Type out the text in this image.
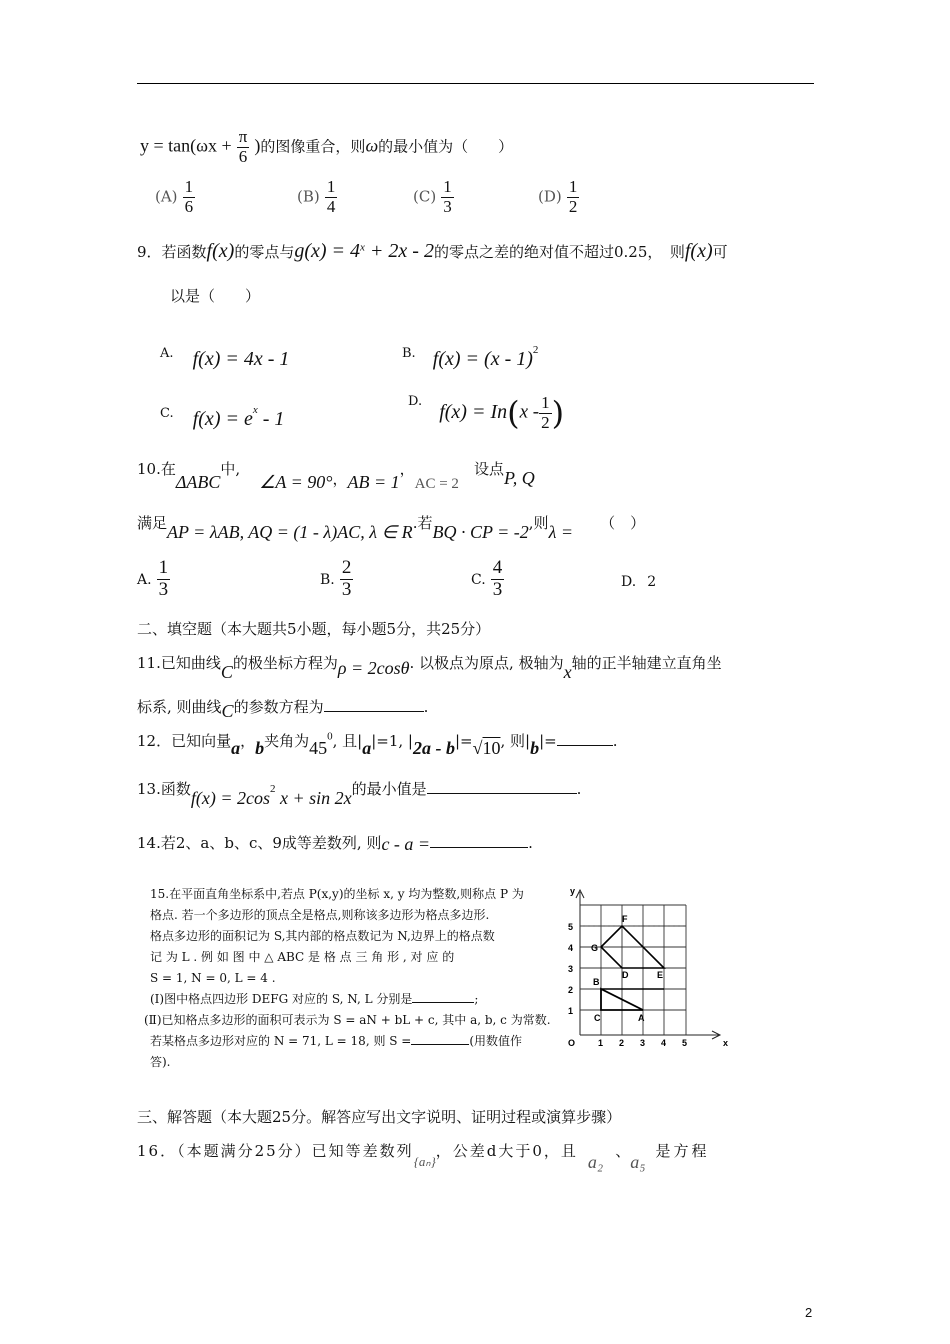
$y = \tan(\omega x + \frac{\pi}{6}$ )的图像重合，则ω的最小值为（　　）
$(A) \frac{1}{6}$	$(B) \frac{1}{4}$	$(C) \frac{1}{3}$	$(D) \frac{1}{2}$
9．若函数f(x)的零点与$g(x) = 4^x + 2x - 2$的零点之差的绝对值不超过0.25，　则f(x)可
以是（　　）
A. f(x) = 4x - 1	B. f(x) = (x - 1)$^2$
C. $f(x) = e^x - 1$
$^{D.}$ $f(x) = In(x - \frac{1}{2}$ )
10.在ΔABC中, ∠A = 90°，AB = 1，AC = 2 设点P, Q
满足AP = λAB, AQ = (1 - λ)AC, λ ∈ R.若BQ · CP = -2,则λ = （　）
A. $\frac{1}{3}$	B. $\frac{2}{3}$	C. $\frac{4}{3}$	D. 2
二、填空题（本大题共5小题，每小题5分，共25分）
11.已知曲线C的极坐标方程为ρ = 2cosθ. 以极点为原点, 极轴为x轴的正半轴建立直角坐
标系, 则曲线C的参数方程为	.
12．已知向量a，b夹角为$45^0$, 且|a|=1, |2a - b|=√10, 则|b|=	.
13.函数$f(x) = 2\cos^2$ x + sin 2x的最小值是	.
14.若2、a、b、c、9成等差数列, 则c - a =	.
15.在平面直角坐标系中,若点 P(x,y)的坐标 x, y 均为整数,则称点 P 为
格点. 若一个多边形的顶点全是格点,则称该多边形为格点多边形.
格点多边形的面积记为 S,其内部的格点数记为 N,边界上的格点数
记 为 L . 例 如 图 中 △ ABC 是 格 点 三 角 形 , 对 应 的
S = 1, N = 0, L = 4 .
(Ⅰ)图中格点四边形 DEFG 对应的 S, N, L 分别是	;
(Ⅱ)已知格点多边形的面积可表示为 S = aN + bL + c, 其中 a, b, c 为常数.
若某格点多边形对应的 N = 71, L = 18, 则 S =	(用数值作
答).
y
x
O	1 2 3 4 5
1
2
3
4
5
A
B
C
D	E
F
G
三、解答题（本大题25分。解答应写出文字说明、证明过程或演算步骤）
16．（本题满分25分）已知等差数列$_{\{a_n\}}$，公差d大于0，且a₂、a₅是方程
2
